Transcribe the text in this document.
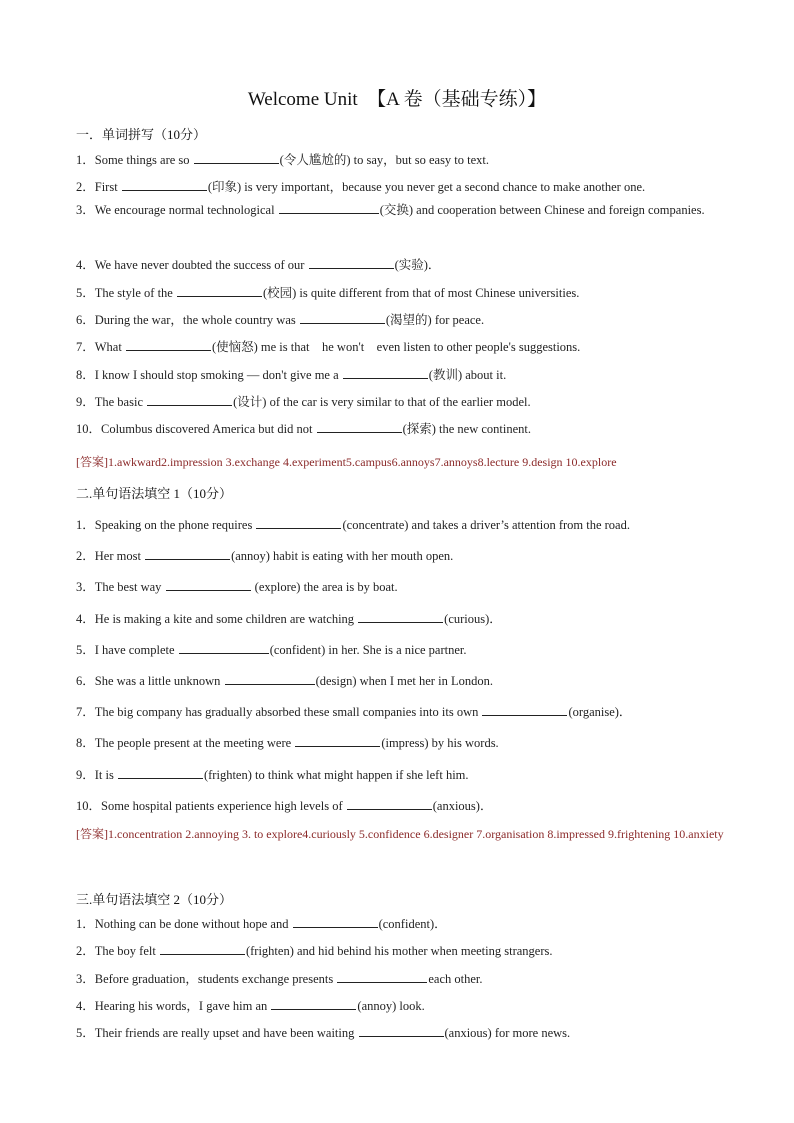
Welcome Unit　【A 卷（基础专练）】
一．单词拼写（10分）
1．Some things are so	(令人尴尬的) to say，but so easy to text.
2．First	(印象) is very important，because you never get a second chance to make another one.
3．We encourage normal technological	(交换) and cooperation between Chinese and foreign companies.
4．We have never doubted the success of our	(实验)．
5．The style of the	(校园) is quite different from that of most Chinese universities.
6．During the war，the whole country was	(渴望的) for peace.
7．What	(使恼怒) me is that　he won't　even listen to other people's suggestions.
8．I know I should stop smoking — don't give me a	(教训) about it.
9．The basic	(设计) of the car is very similar to that of the earlier model.
10．Columbus discovered America but did not	(探索) the new continent.
[答案]1.awkward2.impression 3.exchange 4.experiment5.campus6.annoys7.annoys8.lecture 9.design 10.explore
二.单句语法填空 1（10分）
1．Speaking on the phone requires	(concentrate) and takes a driver’s attention from the road.
2．Her most	(annoy) habit is eating with her mouth open.
3．The best way	(explore) the area is by boat.
4．He is making a kite and some children are watching	(curious)．
5．I have complete	(confident) in her. She is a nice partner.
6．She was a little unknown	(design) when I met her in London.
7．The big company has gradually absorbed these small companies into its own	(organise)．
8．The people present at the meeting were	(impress) by his words.
9．It is	(frighten) to think what might happen if she left him.
10．Some hospital patients experience high levels of	(anxious)．
[答案]1.concentration 2.annoying 3. to explore4.curiously 5.confidence 6.designer 7.organisation 8.impressed 9.frightening 10.anxiety
三.单句语法填空 2（10分）
1．Nothing can be done without hope and	(confident)．
2．The boy felt	(frighten) and hid behind his mother when meeting strangers.
3．Before graduation，students exchange presents	each other.
4．Hearing his words，I gave him an	(annoy) look.
5．Their friends are really upset and have been waiting	(anxious) for more news.
